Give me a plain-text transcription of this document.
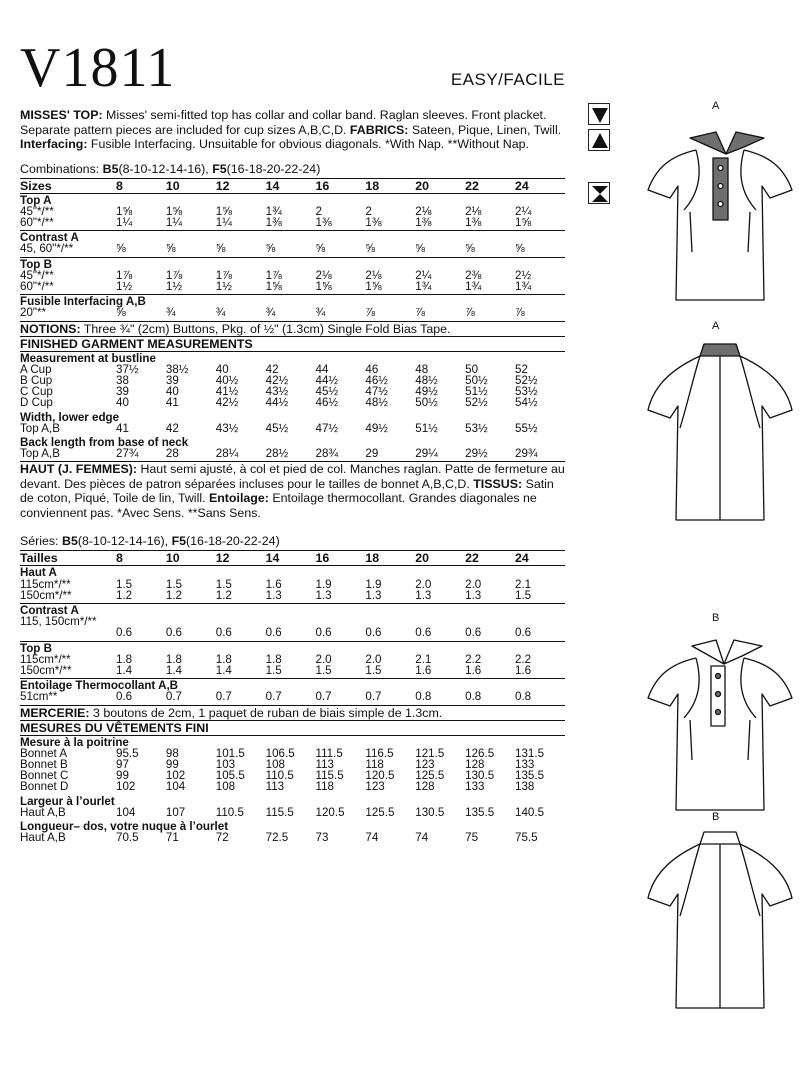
V1811	EASY/FACILE

MISSES' TOP: Misses' semi-fitted top has collar and collar band. Raglan sleeves. Front placket. Separate pattern pieces are included for cup sizes A,B,C,D. FABRICS: Sateen, Pique, Linen, Twill. Interfacing: Fusible Interfacing. Unsuitable for obvious diagonals. *With Nap. **Without Nap.

Combinations: B5(8-10-12-14-16), F5(16-18-20-22-24)

Sizes	8	10	12	14	16	18	20	22	24
Top A									
45"*/**	1⅝	1⅝	1⅝	1¾	2	2	2⅛	2⅛	2¼
60"*/**	1¼	1¼	1¼	1⅜	1⅜	1⅜	1⅜	1⅜	1⅝
Contrast A									
45, 60"*/**	⅝	⅝	⅝	⅝	⅝	⅝	⅝	⅝	⅝
Top B									
45"*/**	1⅞	1⅞	1⅞	1⅞	2⅛	2⅛	2¼	2⅜	2½
60"*/**	1½	1½	1½	1⅝	1⅝	1⅝	1¾	1¾	1¾
Fusible Interfacing A,B									
20"**	⅝	¾	¾	¾	¾	⅞	⅞	⅞	⅞
NOTIONS: Three ¾" (2cm) Buttons, Pkg. of ½" (1.3cm) Single Fold Bias Tape.
FINISHED GARMENT MEASUREMENTS
Measurement at bustline									
A Cup	37½	38½	40	42	44	46	48	50	52
B Cup	38	39	40½	42½	44½	46½	48½	50½	52½
C Cup	39	40	41½	43½	45½	47½	49½	51½	53½
D Cup	40	41	42½	44½	46½	48½	50½	52½	54½
Width, lower edge									
Top A,B	41	42	43½	45½	47½	49½	51½	53½	55½
Back length from base of neck									
Top A,B	27¾	28	28¼	28½	28¾	29	29¼	29½	29¾

HAUT (J. FEMMES): Haut semi ajusté, à col et pied de col. Manches raglan. Patte de fermeture au devant. Des pièces de patron séparées incluses pour le tailles de bonnet A,B,C,D. TISSUS: Satin de coton, Piqué, Toile de lin, Twill. Entoilage: Entoilage thermocollant. Grandes diagonales ne conviennent pas. *Avec Sens. **Sans Sens.

Séries: B5(8-10-12-14-16), F5(16-18-20-22-24)

Tailles	8	10	12	14	16	18	20	22	24
Haut A									
115cm*/**	1.5	1.5	1.5	1.6	1.9	1.9	2.0	2.0	2.1
150cm*/**	1.2	1.2	1.2	1.3	1.3	1.3	1.3	1.3	1.5
Contrast A									
115, 150cm*/**									
	0.6	0.6	0.6	0.6	0.6	0.6	0.6	0.6	0.6
Top B									
115cm*/**	1.8	1.8	1.8	1.8	2.0	2.0	2.1	2.2	2.2
150cm*/**	1.4	1.4	1.4	1.5	1.5	1.5	1.6	1.6	1.6
Entoilage Thermocollant A,B									
51cm**	0.6	0.7	0.7	0.7	0.7	0.7	0.8	0.8	0.8
MERCERIE: 3 boutons de 2cm, 1 paquet de ruban de biais simple de 1.3cm.
MESURES DU VÊTEMENTS FINI
Mesure à la poitrine									
Bonnet A	95.5	98	101.5	106.5	111.5	116.5	121.5	126.5	131.5
Bonnet B	97	99	103	108	113	118	123	128	133
Bonnet C	99	102	105.5	110.5	115.5	120.5	125.5	130.5	135.5
Bonnet D	102	104	108	113	118	123	128	133	138
Largeur à l’ourlet									
Haut A,B	104	107	110.5	115.5	120.5	125.5	130.5	135.5	140.5
Longueur– dos, votre nuque à l’ourlet									
Haut A,B	70.5	71	72	72.5	73	74	74	75	75.5
A
A
B
B
